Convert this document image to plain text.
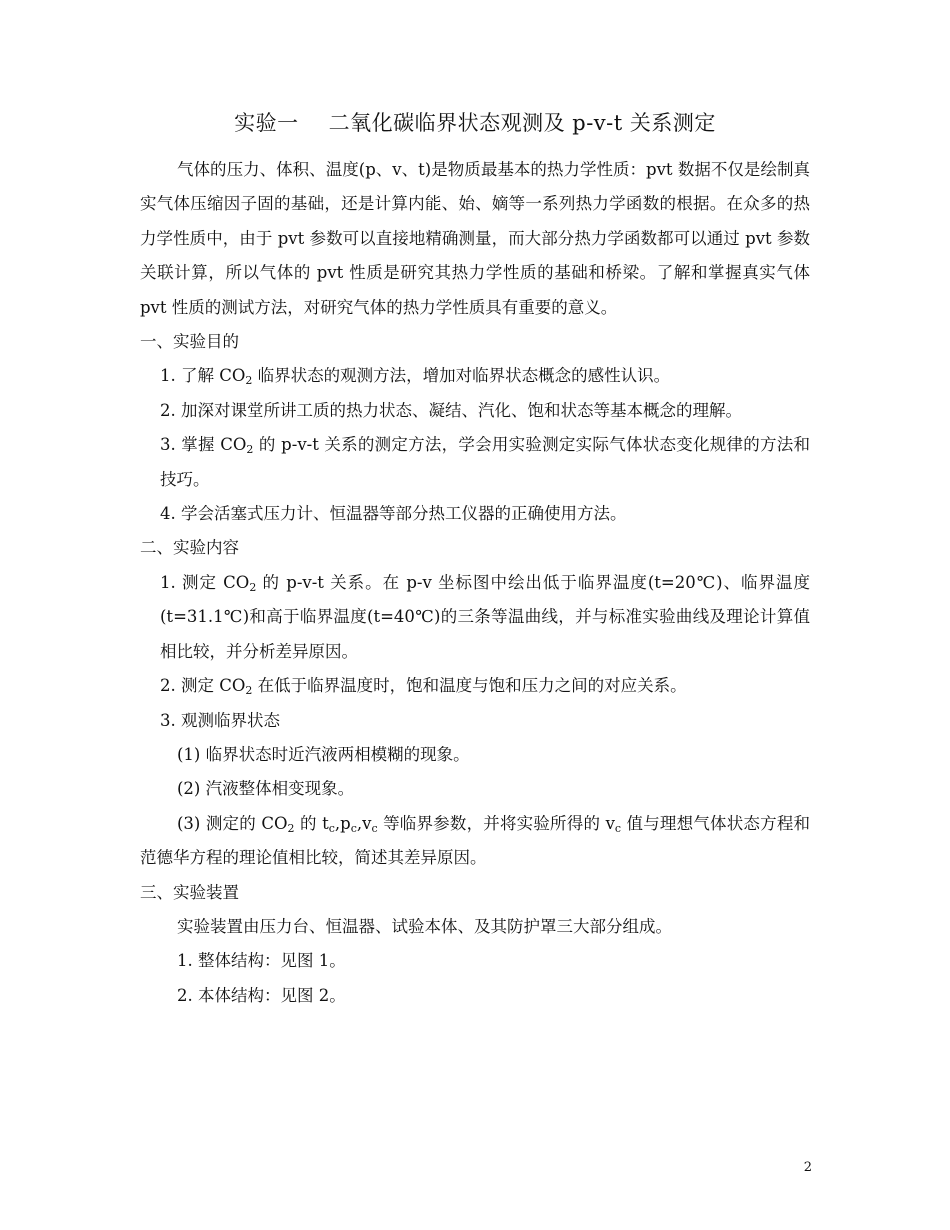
实验一 二氧化碳临界状态观测及 p-v-t 关系测定

气体的压力、体积、温度(p、v、t)是物质最基本的热力学性质：pvt 数据不仅是绘制真实气体压缩因子固的基础，还是计算内能、始、嫡等一系列热力学函数的根据。在众多的热力学性质中，由于 pvt 参数可以直接地精确测量，而大部分热力学函数都可以通过 pvt 参数关联计算，所以气体的 pvt 性质是研究其热力学性质的基础和桥梁。了解和掌握真实气体 pvt 性质的测试方法，对研究气体的热力学性质具有重要的意义。

一、实验目的

1. 了解 $CO_2$ 临界状态的观测方法，增加对临界状态概念的感性认识。

2. 加深对课堂所讲工质的热力状态、凝结、汽化、饱和状态等基本概念的理解。

3. 掌握 $CO_2$ 的 p-v-t 关系的测定方法，学会用实验测定实际气体状态变化规律的方法和技巧。

4. 学会活塞式压力计、恒温器等部分热工仪器的正确使用方法。

二、实验内容

1. 测定 $CO_2$ 的 p-v-t 关系。在 p-v 坐标图中绘出低于临界温度(t=20℃)、临界温度(t=31.1℃)和高于临界温度(t=40℃)的三条等温曲线，并与标准实验曲线及理论计算值相比较，并分析差异原因。

2. 测定 $CO_2$ 在低于临界温度时，饱和温度与饱和压力之间的对应关系。

3. 观测临界状态

(1) 临界状态时近汽液两相模糊的现象。

(2) 汽液整体相变现象。

(3) 测定的 $CO_2$ 的 $t_c,p_c,v_c$ 等临界参数，并将实验所得的 $v_c$ 值与理想气体状态方程和范德华方程的理论值相比较，简述其差异原因。

三、实验装置

实验装置由压力台、恒温器、试验本体、及其防护罩三大部分组成。

1. 整体结构：见图 1。

2. 本体结构：见图 2。

2
